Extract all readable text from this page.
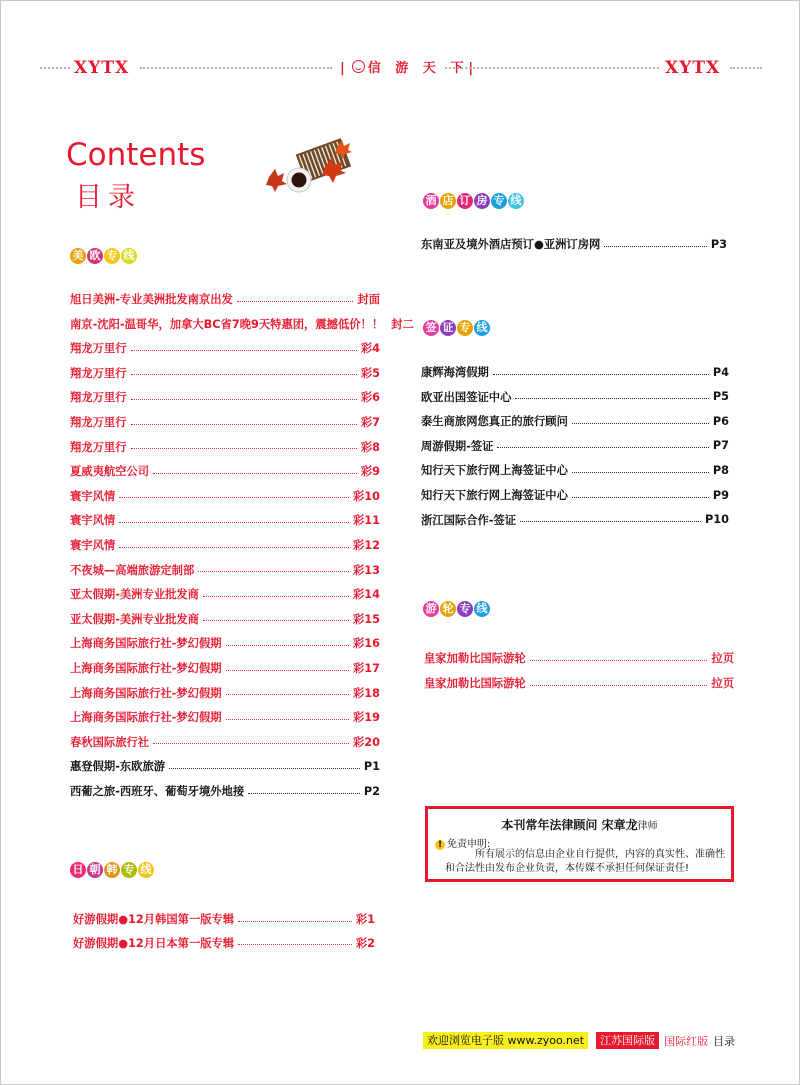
XYTX	| 信 游 天 下|	XYTX
Contents
目录
美 欧 专 线
旭日美洲-专业美洲批发南京出发	封面
南京-沈阳-温哥华，加拿大BC省7晚9天特惠团，震撼低价！！ 封二
翔龙万里行	彩4
翔龙万里行	彩5
翔龙万里行	彩6
翔龙万里行	彩7
翔龙万里行	彩8
夏威夷航空公司	彩9
寰宇风情	彩10
寰宇风情	彩11
寰宇风情	彩12
不夜城—高端旅游定制部	彩13
亚太假期-美洲专业批发商	彩14
亚太假期-美洲专业批发商	彩15
上海商务国际旅行社-梦幻假期	彩16
上海商务国际旅行社-梦幻假期	彩17
上海商务国际旅行社-梦幻假期	彩18
上海商务国际旅行社-梦幻假期	彩19
春秋国际旅行社	彩20
惠登假期-东欧旅游	P1
西葡之旅-西班牙、葡萄牙境外地接	P2
日 朝 韩 专 线
好游假期●12月韩国第一版专辑	彩1
好游假期●12月日本第一版专辑	彩2
酒 店 订 房 专 线
东南亚及境外酒店预订●亚洲订房网	P3
签 证 专 线
康辉海湾假期	P4
欧亚出国签证中心	P5
泰生商旅网您真正的旅行顾问	P6
周游假期-签证	P7
知行天下旅行网上海签证中心	P8
知行天下旅行网上海签证中心	P9
浙江国际合作-签证	P10
游 轮 专 线
皇家加勒比国际游轮	拉页
皇家加勒比国际游轮	拉页
本刊常年法律顾问 宋章龙律师
! 免责申明:
所有展示的信息由企业自行提供，内容的真实性、准确性和合法性由发布企业负责，本传媒不承担任何保证责任!
欢迎浏览电子版 www.zyoo.net	江苏国际版 国际红版 目录
